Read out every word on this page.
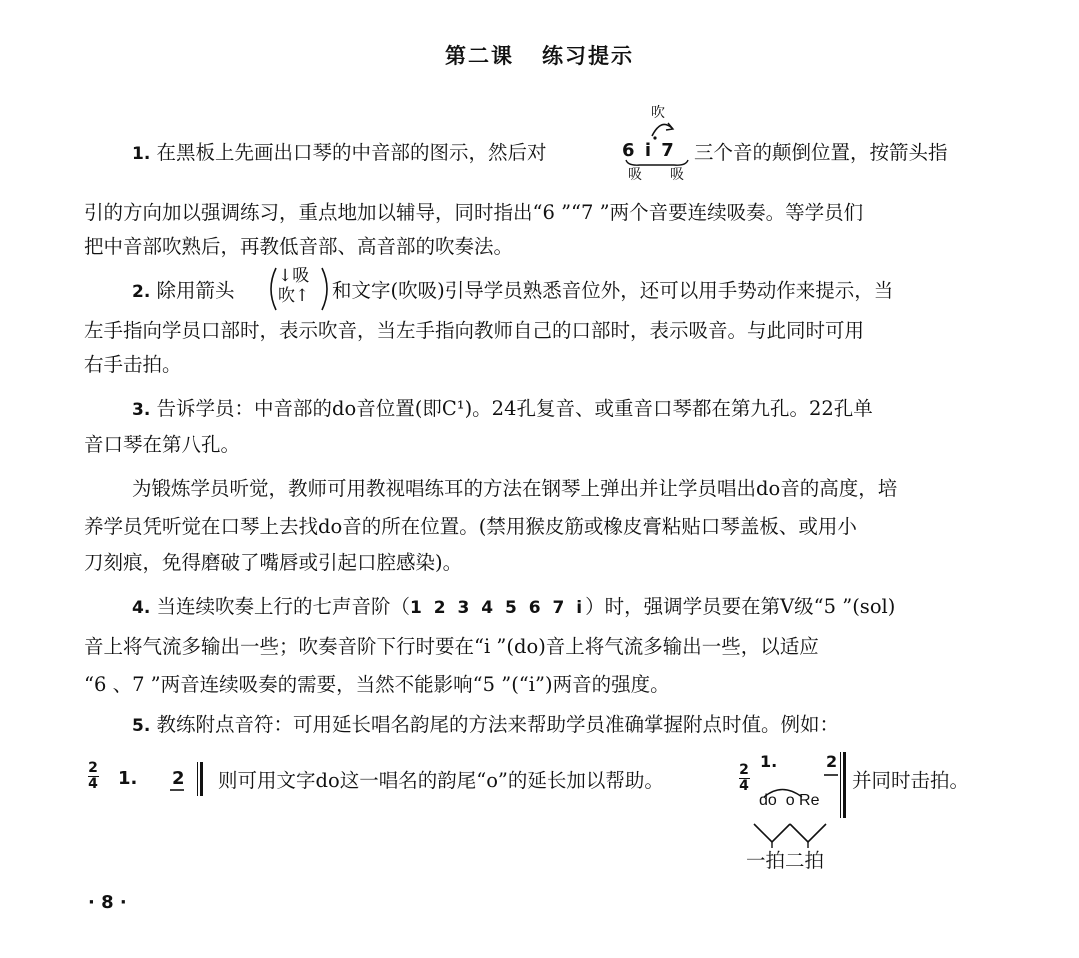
第二课 练习提示
1. 在黑板上先画出口琴的中音部的图示，然后对	6 i 7
吹
吸 吸
三个音的颠倒位置，按箭头指
引的方向加以强调练习，重点地加以辅导，同时指出“6 ”“7 ”两个音要连续吸奏。等学员们
把中音部吹熟后，再教低音部、高音部的吹奏法。
2. 除用箭头
↓吸
吹↑ 和文字(吹吸)引导学员熟悉音位外，还可以用手势动作来提示，当
左手指向学员口部时，表示吹音，当左手指向教师自己的口部时，表示吸音。与此同时可用
右手击拍。
3. 告诉学员：中音部的do音位置(即C¹)。24孔复音、或重音口琴都在第九孔。22孔单
音口琴在第八孔。
为锻炼学员听觉，教师可用教视唱练耳的方法在钢琴上弹出并让学员唱出do音的高度，培
养学员凭听觉在口琴上去找do音的所在位置。(禁用猴皮筋或橡皮膏粘贴口琴盖板、或用小
刀刻痕，免得磨破了嘴唇或引起口腔感染)。
4. 当连续吹奏上行的七声音阶（1 2 3 4 5 6 7 i）时，强调学员要在第V级“5 ”(sol)
音上将气流多输出一些；吹奏音阶下行时要在“i ”(do)音上将气流多输出一些，以适应
“6 、7 ”两音连续吸奏的需要，当然不能影响“5 ”(“i”)两音的强度。
5. 教练附点音符：可用延长唱名韵尾的方法来帮助学员准确掌握附点时值。例如：
2
4 1. 2 则可用文字do这一唱名的韵尾“o”的延长加以帮助。	2
4
1.	2
do  o Re
并同时击拍。
一拍二拍
· 8 ·
